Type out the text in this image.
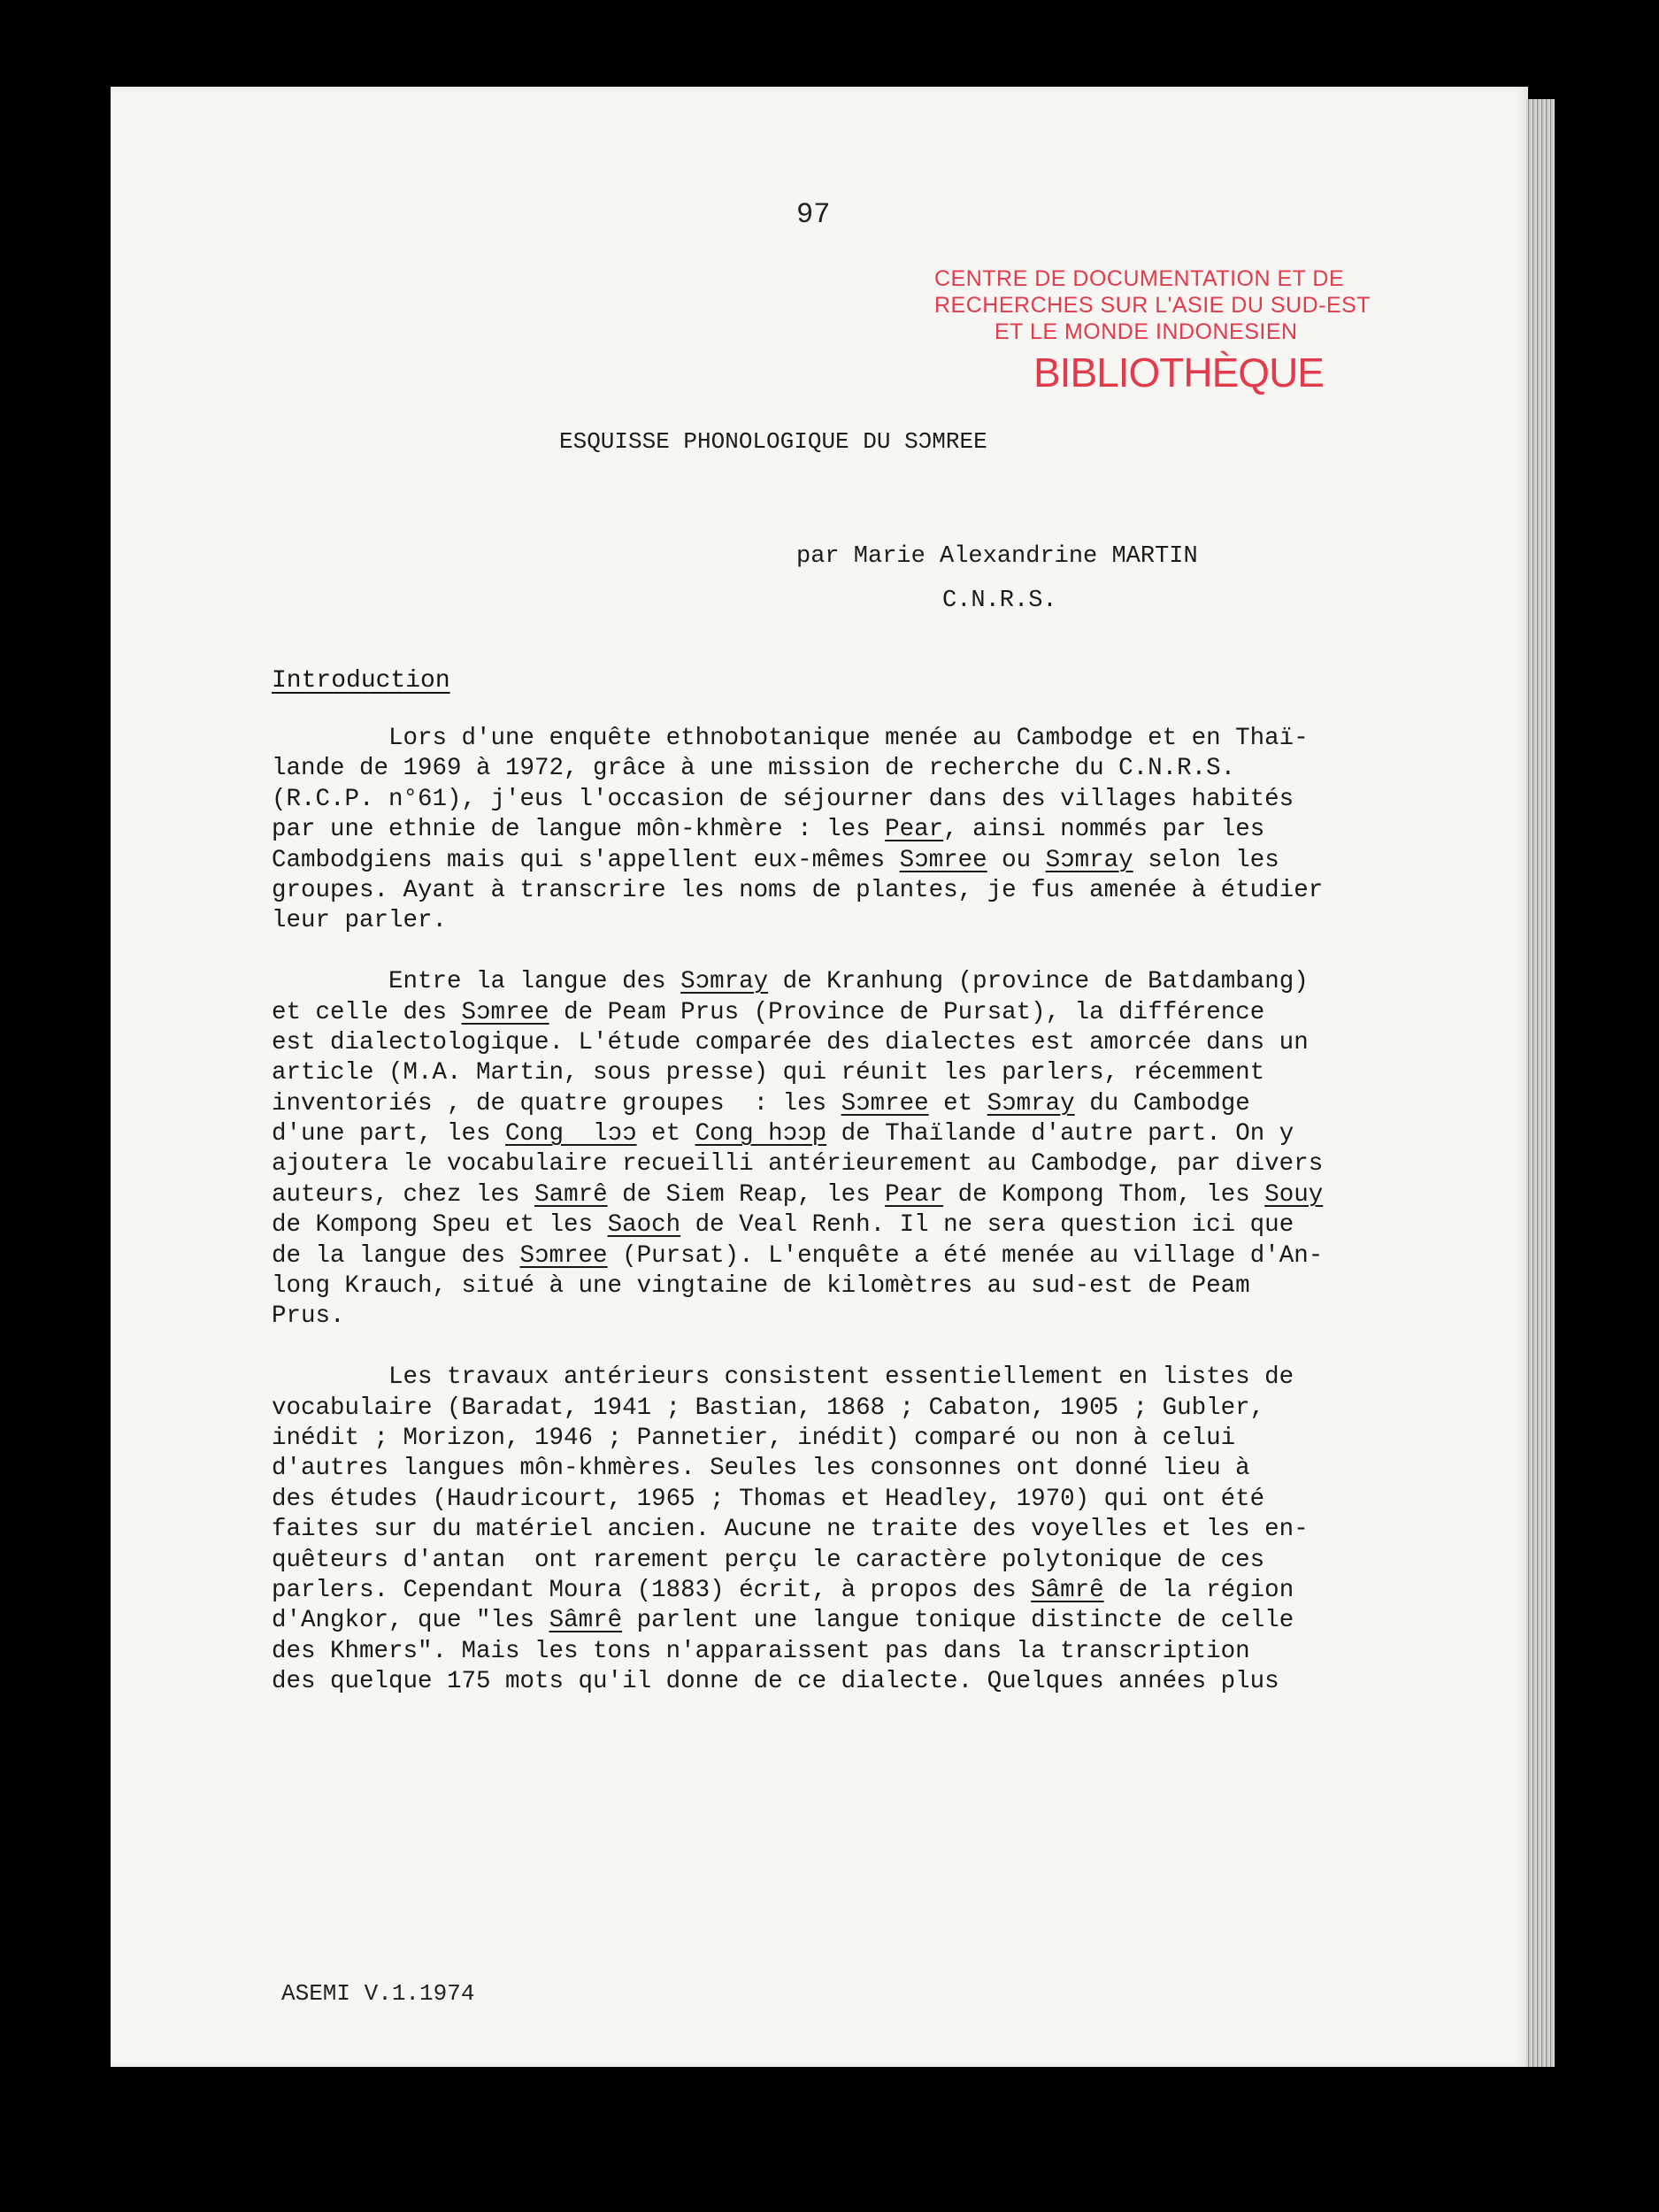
97
CENTRE DE DOCUMENTATION ET DE
RECHERCHES SUR L'ASIE DU SUD-EST
ET LE MONDE INDONESIEN
BIBLIOTHÈQUE
ESQUISSE PHONOLOGIQUE DU SƆMREE
par Marie Alexandrine MARTIN
C.N.R.S.
Introduction
Lors d'une enquête ethnobotanique menée au Cambodge et en Thaï-
lande de 1969 à 1972, grâce à une mission de recherche du C.N.R.S.
(R.C.P. n°61), j'eus l'occasion de séjourner dans des villages habités
par une ethnie de langue môn-khmère : les Pear, ainsi nommés par les
Cambodgiens mais qui s'appellent eux-mêmes Sɔmree ou Sɔmray selon les
groupes. Ayant à transcrire les noms de plantes, je fus amenée à étudier
leur parler.
Entre la langue des Sɔmray de Kranhung (province de Batdambang)
et celle des Sɔmree de Peam Prus (Province de Pursat), la différence
est dialectologique. L'étude comparée des dialectes est amorcée dans un
article (M.A. Martin, sous presse) qui réunit les parlers, récemment
inventoriés , de quatre groupes  : les Sɔmree et Sɔmray du Cambodge
d'une part, les Cong  lɔɔ et Cong hɔɔp de Thaïlande d'autre part. On y
ajoutera le vocabulaire recueilli antérieurement au Cambodge, par divers
auteurs, chez les Samrê de Siem Reap, les Pear de Kompong Thom, les Souy
de Kompong Speu et les Saoch de Veal Renh. Il ne sera question ici que
de la langue des Sɔmree (Pursat). L'enquête a été menée au village d'An-
long Krauch, situé à une vingtaine de kilomètres au sud-est de Peam
Prus.
Les travaux antérieurs consistent essentiellement en listes de
vocabulaire (Baradat, 1941 ; Bastian, 1868 ; Cabaton, 1905 ; Gubler,
inédit ; Morizon, 1946 ; Pannetier, inédit) comparé ou non à celui
d'autres langues môn-khmères. Seules les consonnes ont donné lieu à
des études (Haudricourt, 1965 ; Thomas et Headley, 1970) qui ont été
faites sur du matériel ancien. Aucune ne traite des voyelles et les en-
quêteurs d'antan  ont rarement perçu le caractère polytonique de ces
parlers. Cependant Moura (1883) écrit, à propos des Sâmrê de la région
d'Angkor, que "les Sâmrê parlent une langue tonique distincte de celle
des Khmers". Mais les tons n'apparaissent pas dans la transcription
des quelque 175 mots qu'il donne de ce dialecte. Quelques années plus
ASEMI V.1.1974
